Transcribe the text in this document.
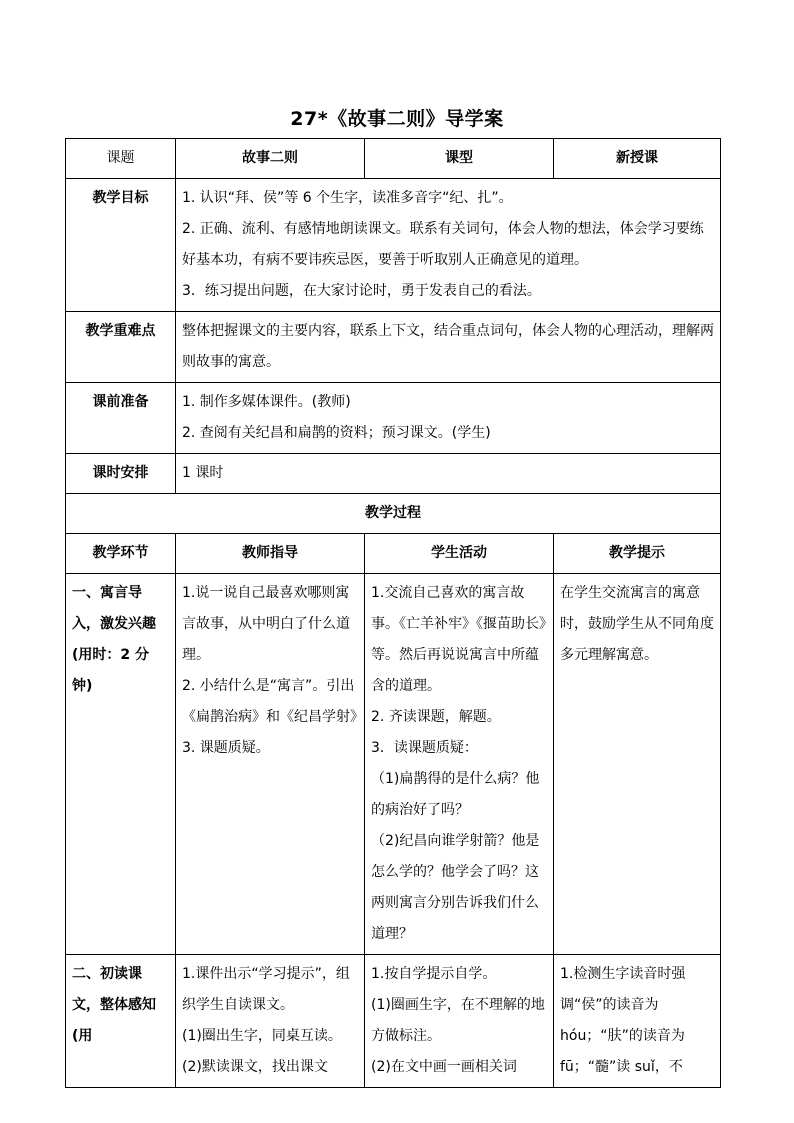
27*《故事二则》导学案
课题	故事二则	课型	新授课
教学目标	1. 认识“拜、侯”等 6 个生字，读准多音字“纪、扎”。
2. 正确、流利、有感情地朗读课文。联系有关词句，体会人物的想法，体会学习要练好基本功，有病不要讳疾忌医，要善于听取别人正确意见的道理。
3．练习提出问题，在大家讨论时，勇于发表自己的看法。		

教学重难点	整体把握课文的主要内容，联系上下文，结合重点词句，体会人物的心理活动，理解两则故事的寓意。		
课前准备	1. 制作多媒体课件。(教师)
2. 查阅有关纪昌和扁鹊的资料；预习课文。(学生)		

课时安排	1 课时		
教学过程			
教学环节	教师指导	学生活动	教学提示
一、寓言导入，激发兴趣(用时：2 分钟)	1.说一说自己最喜欢哪则寓言故事，从中明白了什么道理。
2. 小结什么是“寓言”。引出《扁鹊治病》和《纪昌学射》
3. 课题质疑。	1.交流自己喜欢的寓言故事。《亡羊补牢》《揠苗助长》等。然后再说说寓言中所蕴含的道理。
2. 齐读课题，解题。
3．读课题质疑：
（1)扁鹊得的是什么病？他的病治好了吗？
（2)纪昌向谁学射箭？他是怎么学的？他学会了吗？这两则寓言分别告诉我们什么道理？	在学生交流寓言的寓意时，鼓励学生从不同角度多元理解寓意。
二、初读课文，整体感知(用	1.课件出示“学习提示”，组织学生自读课文。
(1)圈出生字，同桌互读。
(2)默读课文，找出课文	1.按自学提示自学。
(1)圈画生字，在不理解的地方做标注。
(2)在文中画一画相关词	1.检测生字读音时强调“侯”的读音为 hóu；“肤”的读音为 fū；“髓”读 suǐ，不
